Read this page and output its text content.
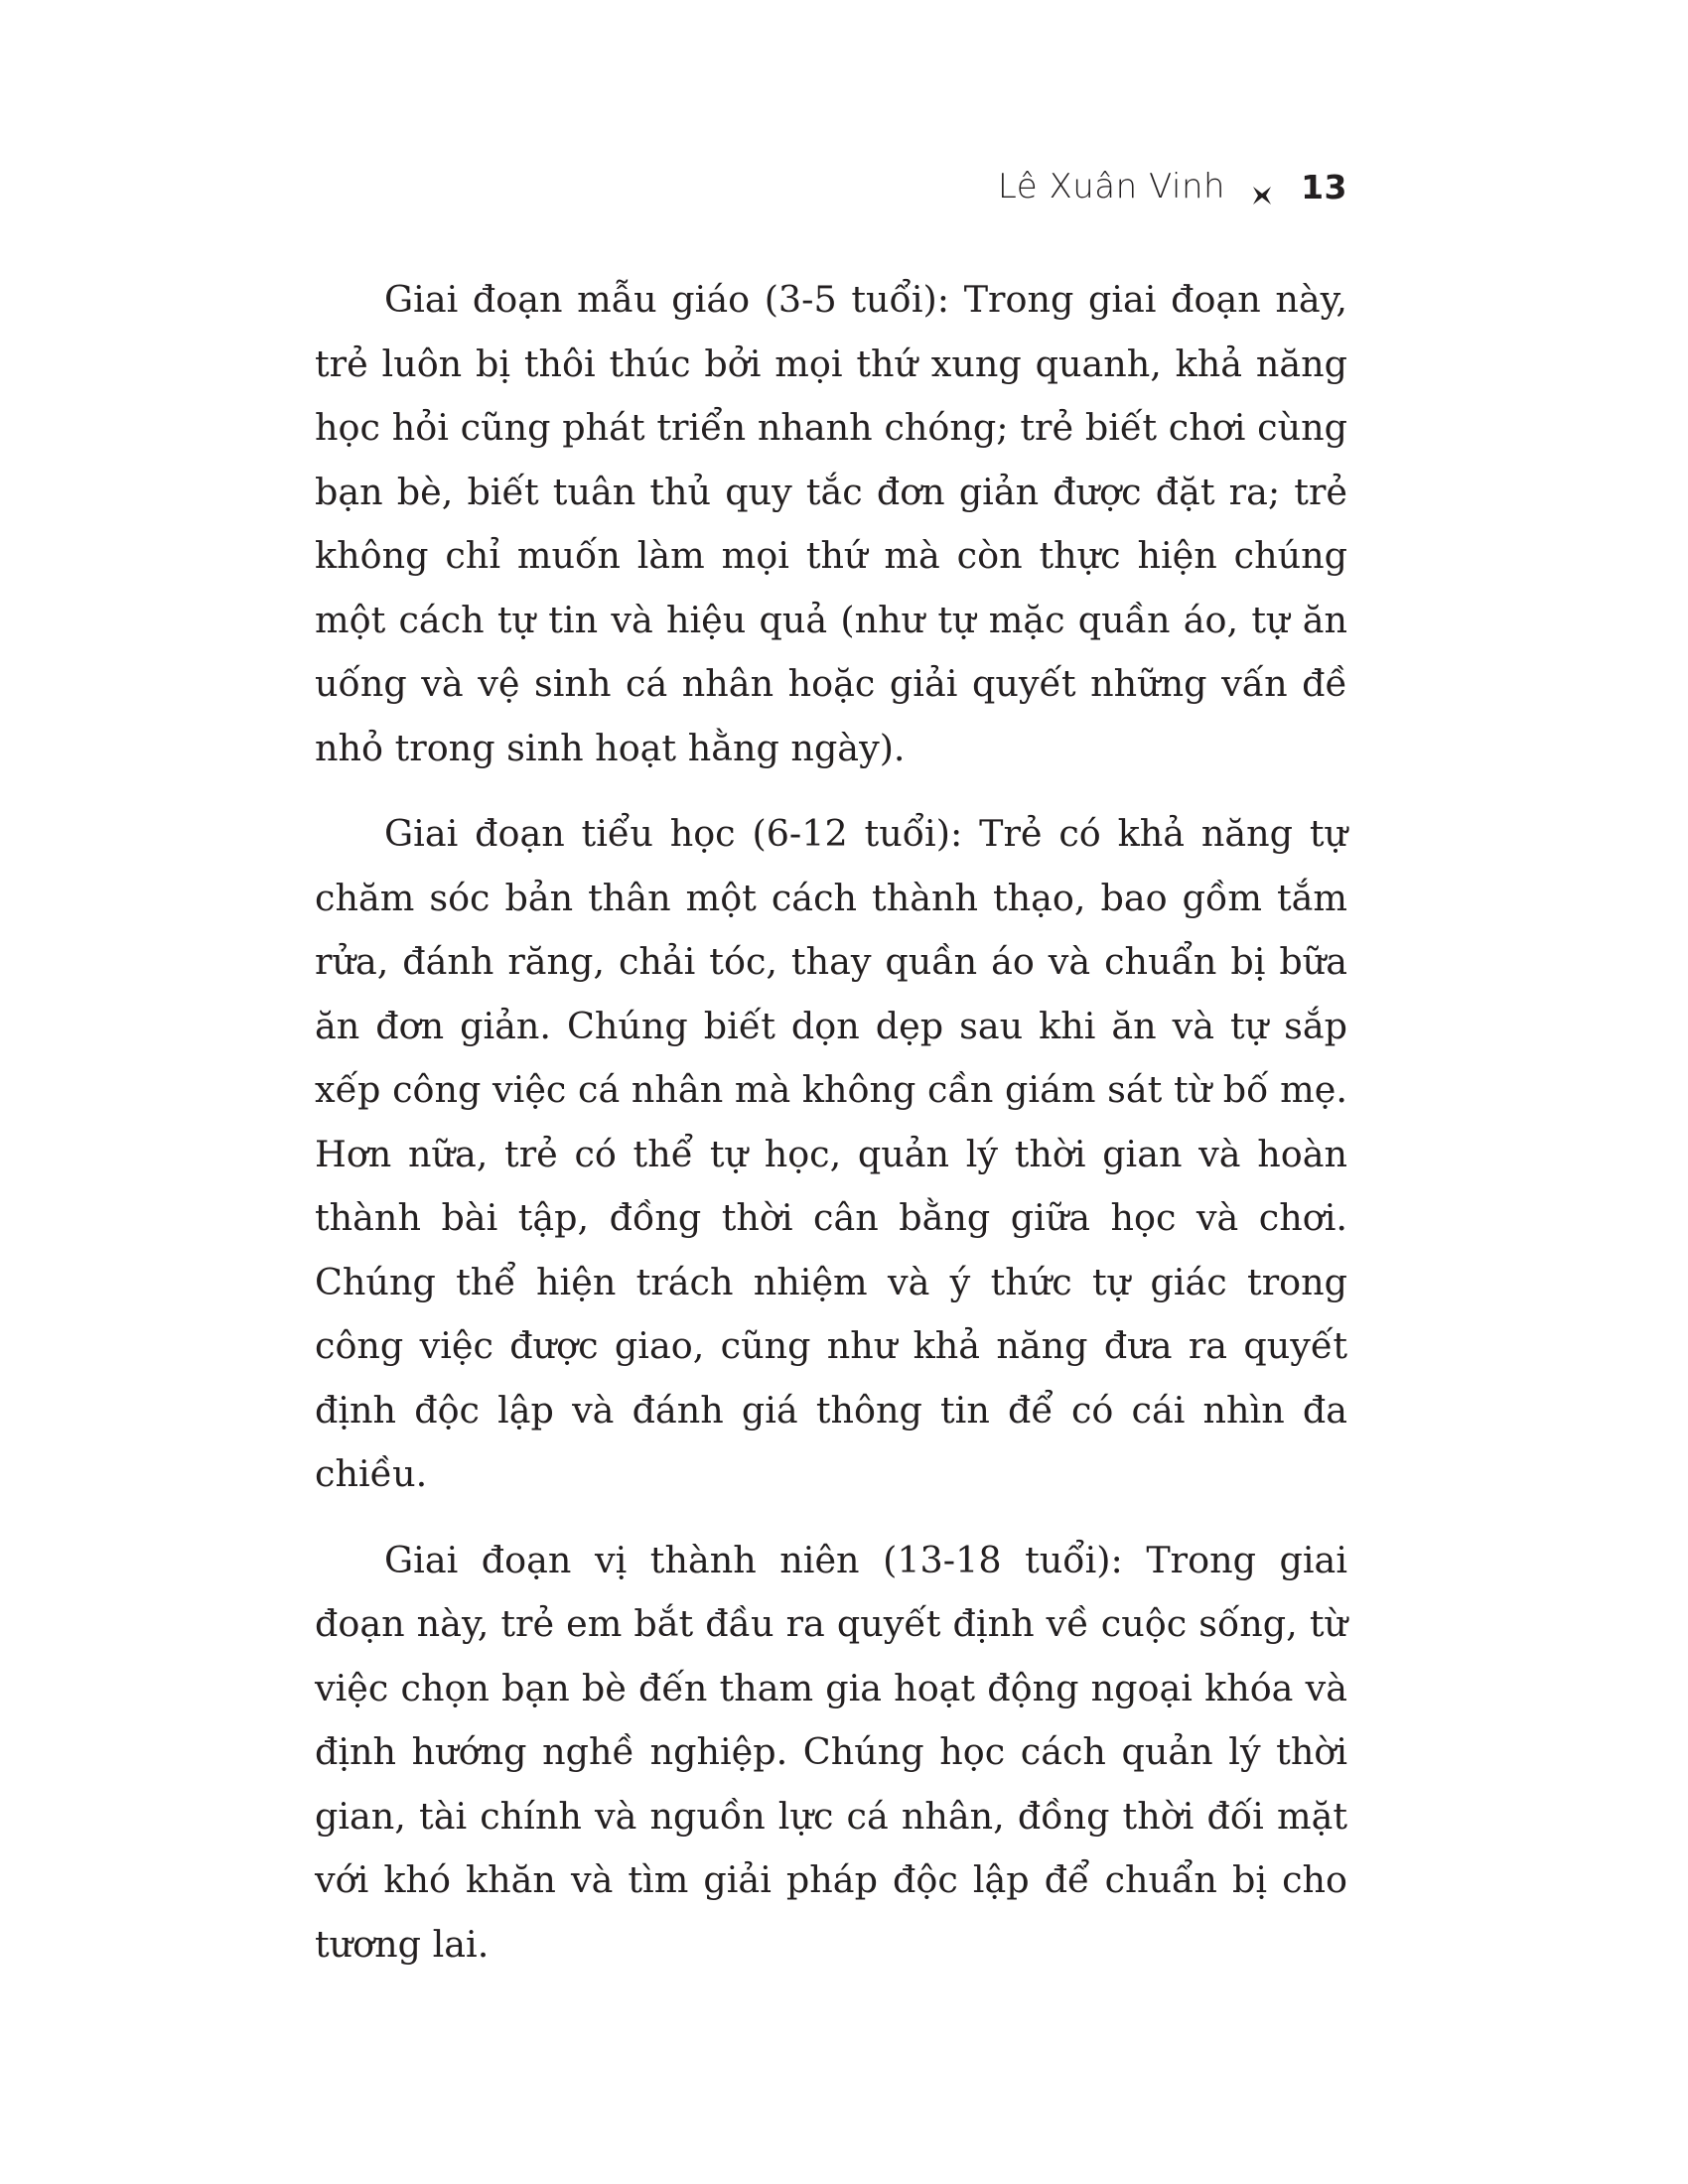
Lê Xuân Vinh 13

Giai đoạn mẫu giáo (3-5 tuổi): Trong giai đoạn này, trẻ luôn bị thôi thúc bởi mọi thứ xung quanh, khả năng học hỏi cũng phát triển nhanh chóng; trẻ biết chơi cùng bạn bè, biết tuân thủ quy tắc đơn giản được đặt ra; trẻ không chỉ muốn làm mọi thứ mà còn thực hiện chúng một cách tự tin và hiệu quả (như tự mặc quần áo, tự ăn uống và vệ sinh cá nhân hoặc giải quyết những vấn đề nhỏ trong sinh hoạt hằng ngày).

Giai đoạn tiểu học (6-12 tuổi): Trẻ có khả năng tự chăm sóc bản thân một cách thành thạo, bao gồm tắm rửa, đánh răng, chải tóc, thay quần áo và chuẩn bị bữa ăn đơn giản. Chúng biết dọn dẹp sau khi ăn và tự sắp xếp công việc cá nhân mà không cần giám sát từ bố mẹ. Hơn nữa, trẻ có thể tự học, quản lý thời gian và hoàn thành bài tập, đồng thời cân bằng giữa học và chơi. Chúng thể hiện trách nhiệm và ý thức tự giác trong công việc được giao, cũng như khả năng đưa ra quyết định độc lập và đánh giá thông tin để có cái nhìn đa chiều.

Giai đoạn vị thành niên (13-18 tuổi): Trong giai đoạn này, trẻ em bắt đầu ra quyết định về cuộc sống, từ việc chọn bạn bè đến tham gia hoạt động ngoại khóa và định hướng nghề nghiệp. Chúng học cách quản lý thời gian, tài chính và nguồn lực cá nhân, đồng thời đối mặt với khó khăn và tìm giải pháp độc lập để chuẩn bị cho tương lai.
